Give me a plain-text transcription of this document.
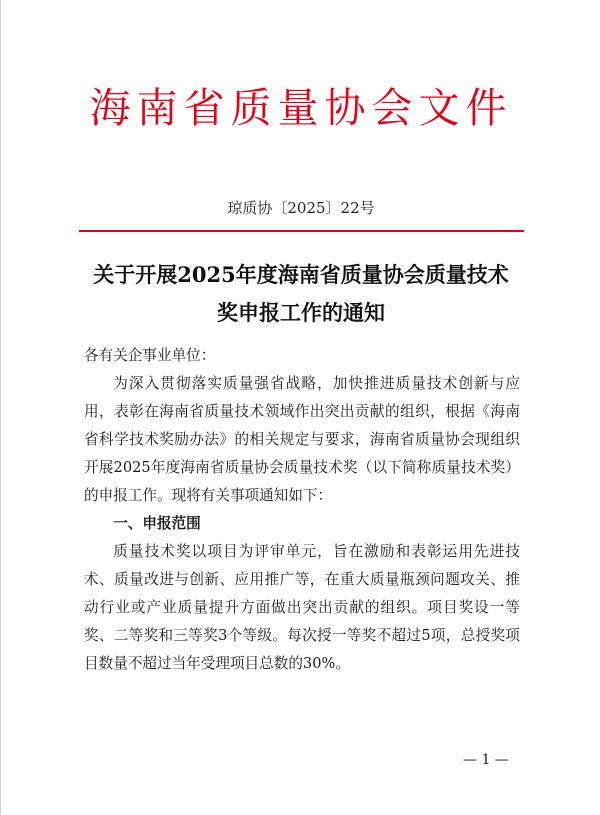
海南省质量协会文件
琼质协〔2025〕22号
关于开展2025年度海南省质量协会质量技术
奖申报工作的通知

各有关企事业单位：

为深入贯彻落实质量强省战略，加快推进质量技术创新与应用，表彰在海南省质量技术领域作出突出贡献的组织，根据《海南省科学技术奖励办法》的相关规定与要求，海南省质量协会现组织开展2025年度海南省质量协会质量技术奖（以下简称质量技术奖）的申报工作。现将有关事项通知如下：

一、申报范围

质量技术奖以项目为评审单元，旨在激励和表彰运用先进技术、质量改进与创新、应用推广等，在重大质量瓶颈问题攻关、推动行业或产业质量提升方面做出突出贡献的组织。项目奖设一等奖、二等奖和三等奖3个等级。每次授一等奖不超过5项，总授奖项目数量不超过当年受理项目总数的30%。

— 1 —
